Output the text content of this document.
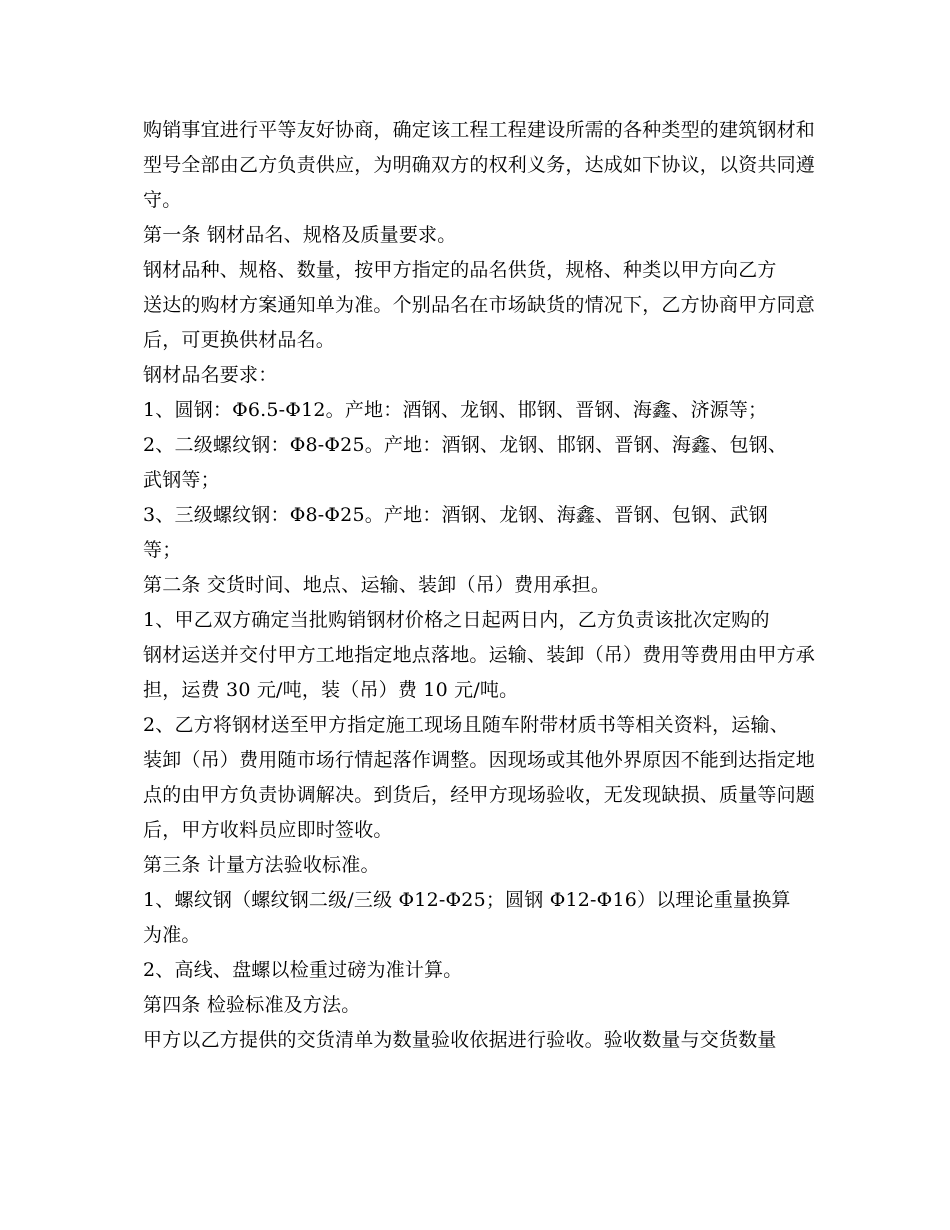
购销事宜进行平等友好协商，确定该工程工程建设所需的各种类型的建筑钢材和
型号全部由乙方负责供应，为明确双方的权利义务，达成如下协议，以资共同遵
守。
第一条 钢材品名、规格及质量要求。
钢材品种、规格、数量，按甲方指定的品名供货，规格、种类以甲方向乙方
送达的购材方案通知单为准。个别品名在市场缺货的情况下，乙方协商甲方同意
后，可更换供材品名。
钢材品名要求：
1、圆钢：Φ6.5-Φ12。产地：酒钢、龙钢、邯钢、晋钢、海鑫、济源等；
2、二级螺纹钢：Φ8-Φ25。产地：酒钢、龙钢、邯钢、晋钢、海鑫、包钢、
武钢等；
3、三级螺纹钢：Φ8-Φ25。产地：酒钢、龙钢、海鑫、晋钢、包钢、武钢
等；
第二条 交货时间、地点、运输、装卸（吊）费用承担。
1、甲乙双方确定当批购销钢材价格之日起两日内，乙方负责该批次定购的
钢材运送并交付甲方工地指定地点落地。运输、装卸（吊）费用等费用由甲方承
担，运费 30 元/吨，装（吊）费 10 元/吨。
2、乙方将钢材送至甲方指定施工现场且随车附带材质书等相关资料，运输、
装卸（吊）费用随市场行情起落作调整。因现场或其他外界原因不能到达指定地
点的由甲方负责协调解决。到货后，经甲方现场验收，无发现缺损、质量等问题
后，甲方收料员应即时签收。
第三条 计量方法验收标准。
1、螺纹钢（螺纹钢二级/三级 Φ12-Φ25；圆钢 Φ12-Φ16）以理论重量换算
为准。
2、高线、盘螺以检重过磅为准计算。
第四条 检验标准及方法。
甲方以乙方提供的交货清单为数量验收依据进行验收。验收数量与交货数量
